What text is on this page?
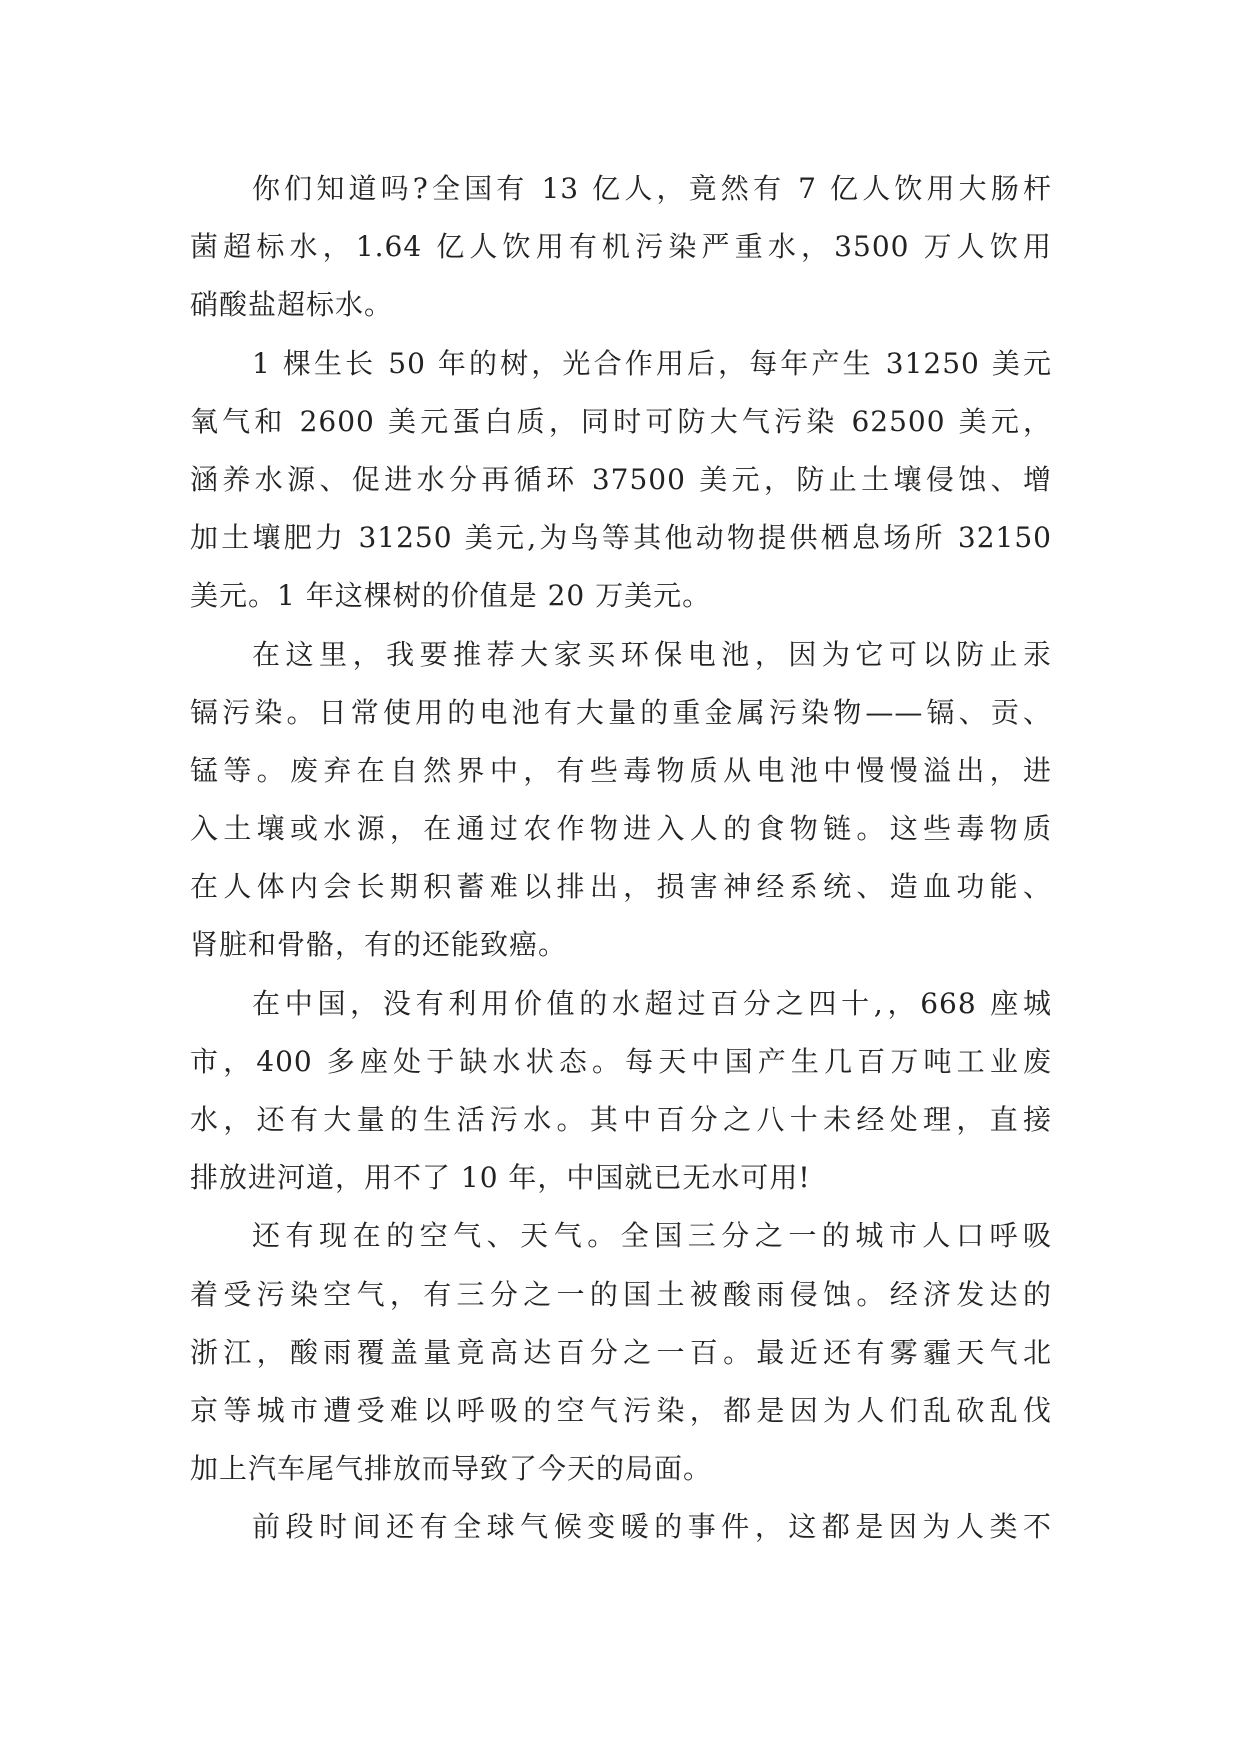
你们知道吗?全国有 13 亿人，竟然有 7 亿人饮用大肠杆
菌超标水，1.64 亿人饮用有机污染严重水，3500 万人饮用
硝酸盐超标水。
1 棵生长 50 年的树，光合作用后，每年产生 31250 美元
氧气和 2600 美元蛋白质，同时可防大气污染 62500 美元，
涵养水源、促进水分再循环 37500 美元，防止土壤侵蚀、增
加土壤肥力 31250 美元,为鸟等其他动物提供栖息场所 32150
美元。1 年这棵树的价值是 20 万美元。
在这里，我要推荐大家买环保电池，因为它可以防止汞
镉污染。日常使用的电池有大量的重金属污染物——镉、贡、
锰等。废弃在自然界中，有些毒物质从电池中慢慢溢出，进
入土壤或水源，在通过农作物进入人的食物链。这些毒物质
在人体内会长期积蓄难以排出，损害神经系统、造血功能、
肾脏和骨骼，有的还能致癌。
在中国，没有利用价值的水超过百分之四十,，668 座城
市，400 多座处于缺水状态。每天中国产生几百万吨工业废
水，还有大量的生活污水。其中百分之八十未经处理，直接
排放进河道，用不了 10 年，中国就已无水可用!
还有现在的空气、天气。全国三分之一的城市人口呼吸
着受污染空气，有三分之一的国土被酸雨侵蚀。经济发达的
浙江，酸雨覆盖量竟高达百分之一百。最近还有雾霾天气北
京等城市遭受难以呼吸的空气污染，都是因为人们乱砍乱伐
加上汽车尾气排放而导致了今天的局面。
前段时间还有全球气候变暖的事件，这都是因为人类不
